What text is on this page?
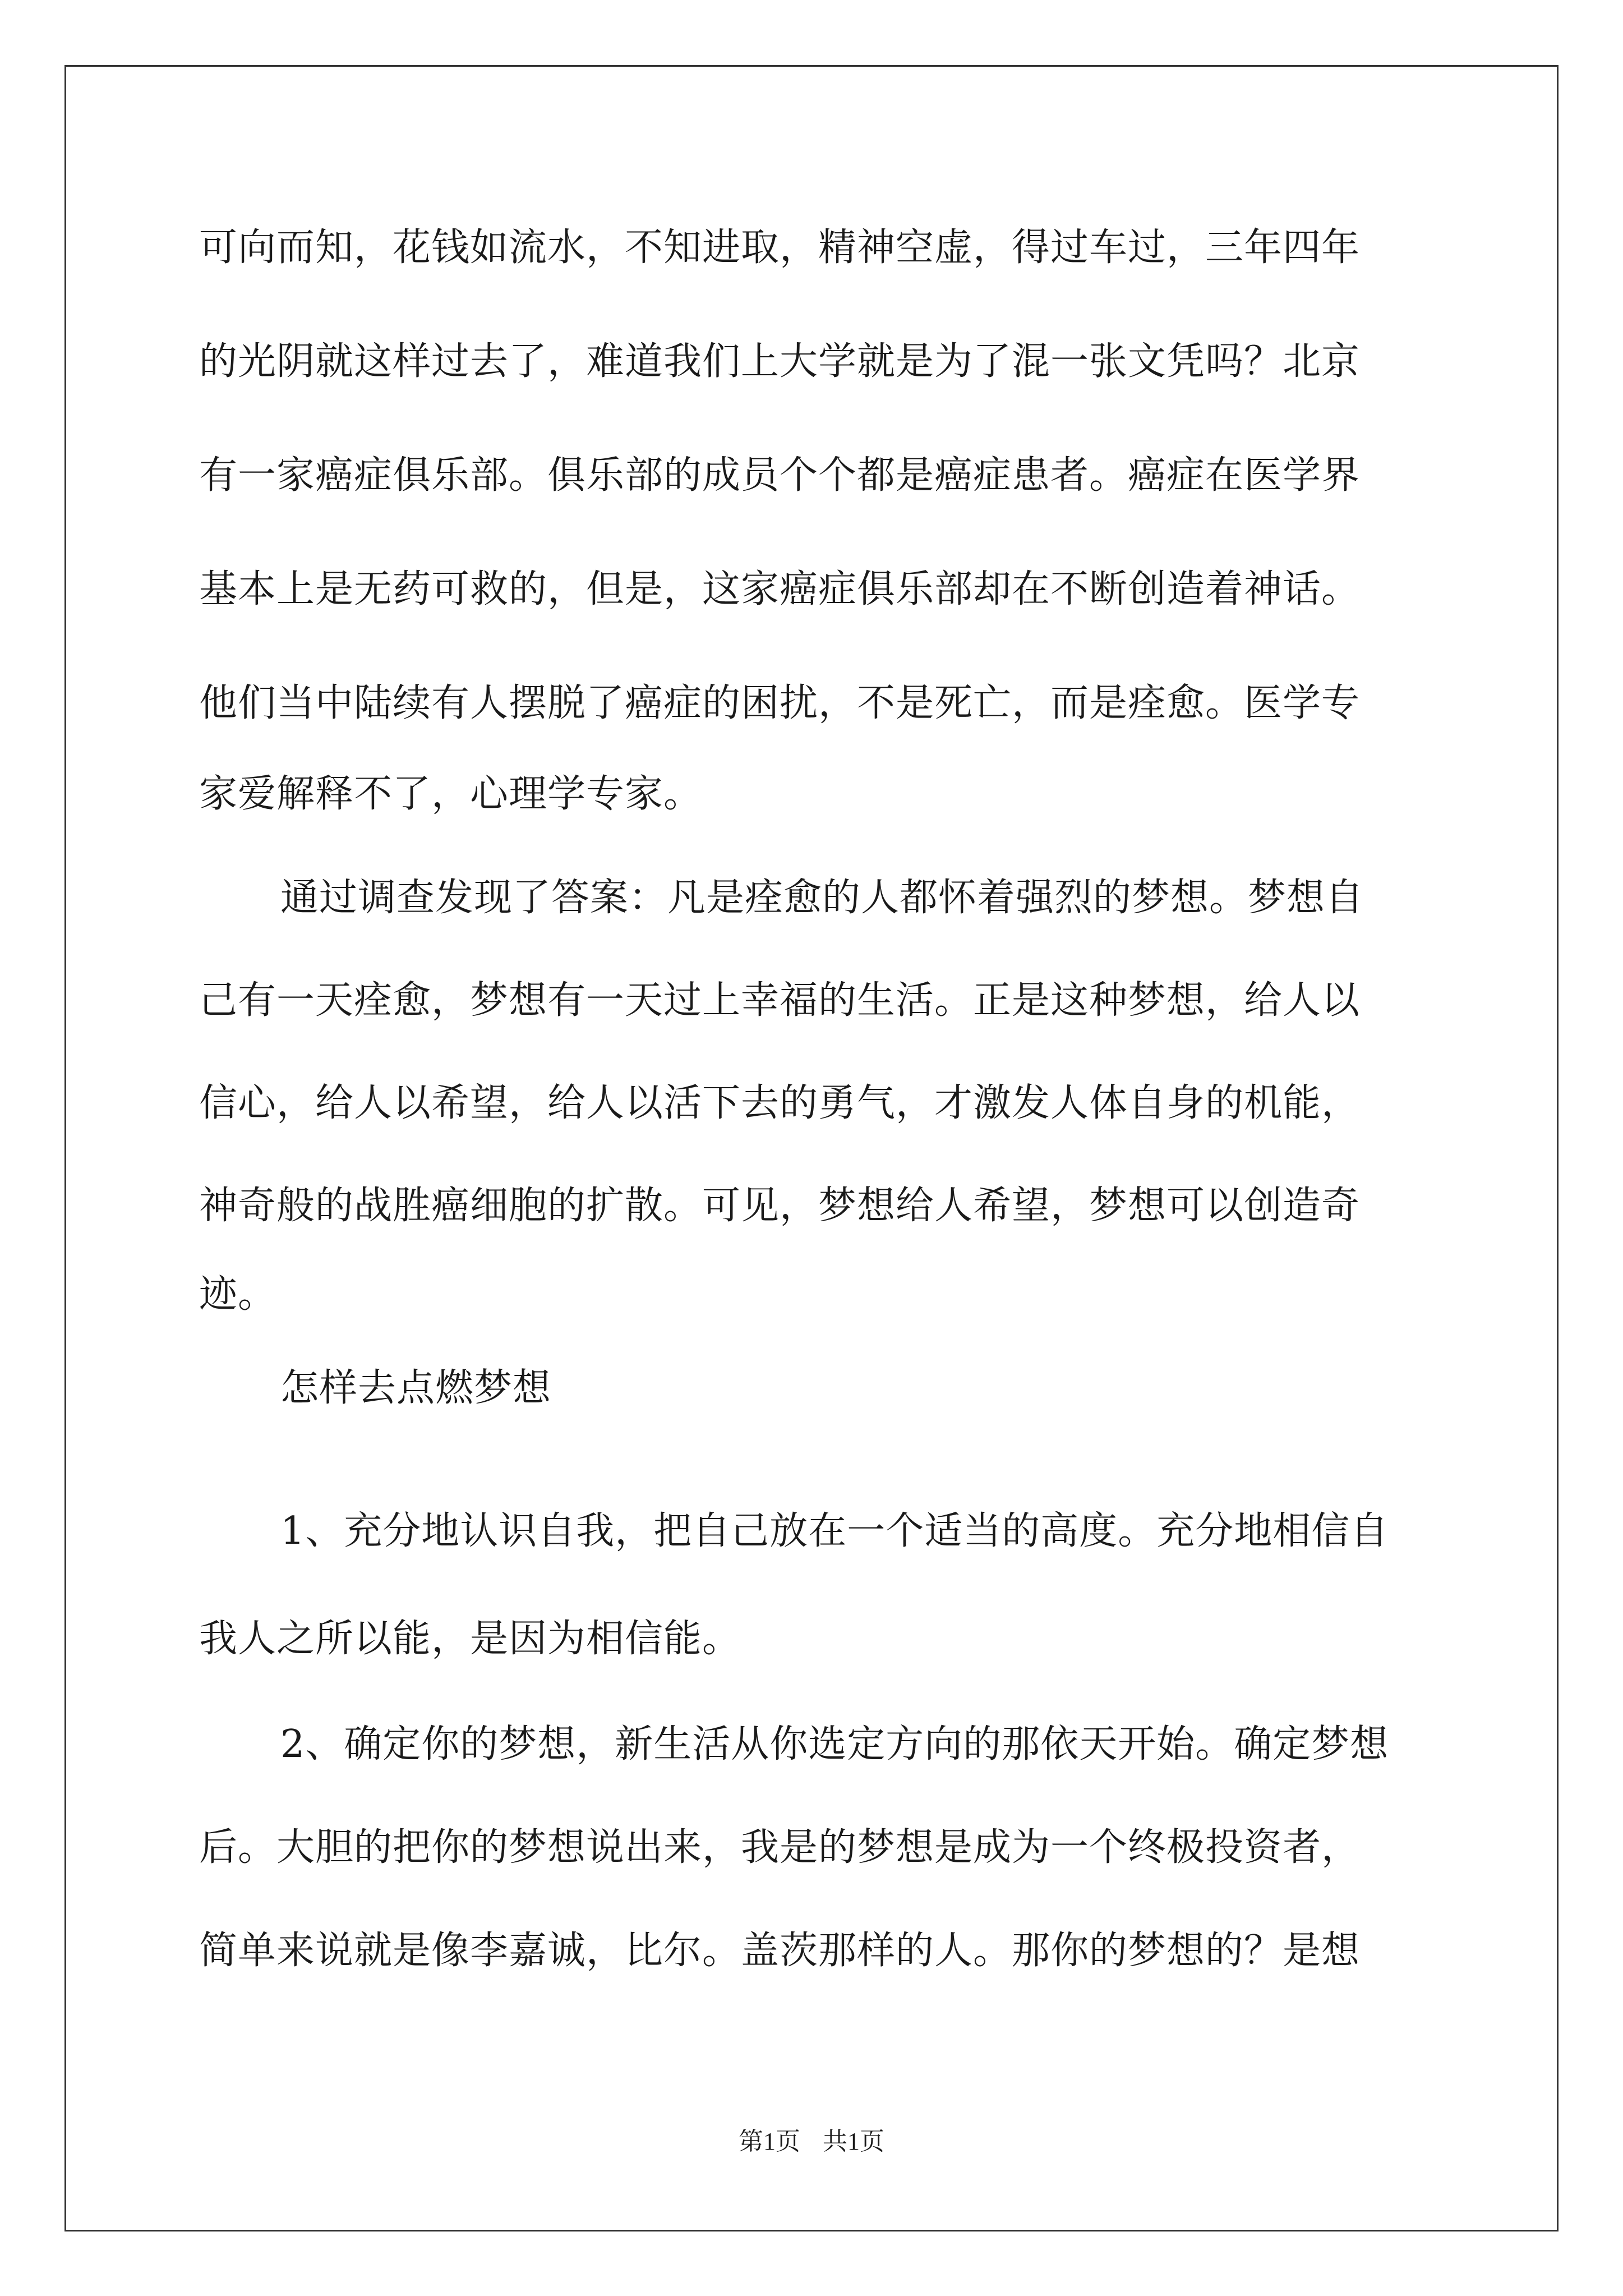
可向而知，花钱如流水，不知进取，精神空虚，得过车过，三年四年
的光阴就这样过去了，难道我们上大学就是为了混一张文凭吗？北京
有一家癌症俱乐部。俱乐部的成员个个都是癌症患者。癌症在医学界
基本上是无药可救的，但是，这家癌症俱乐部却在不断创造着神话。
他们当中陆续有人摆脱了癌症的困扰，不是死亡，而是痊愈。医学专
家爱解释不了，心理学专家。
通过调查发现了答案：凡是痊愈的人都怀着强烈的梦想。梦想自
己有一天痊愈，梦想有一天过上幸福的生活。正是这种梦想，给人以
信心，给人以希望，给人以活下去的勇气，才激发人体自身的机能，
神奇般的战胜癌细胞的扩散。可见，梦想给人希望，梦想可以创造奇
迹。
怎样去点燃梦想
1、充分地认识自我，把自己放在一个适当的高度。充分地相信自
我人之所以能，是因为相信能。
2、确定你的梦想，新生活从你选定方向的那依天开始。确定梦想
后。大胆的把你的梦想说出来，我是的梦想是成为一个终极投资者，
简单来说就是像李嘉诚，比尔。盖茨那样的人。那你的梦想的？是想
第1页 共1页
